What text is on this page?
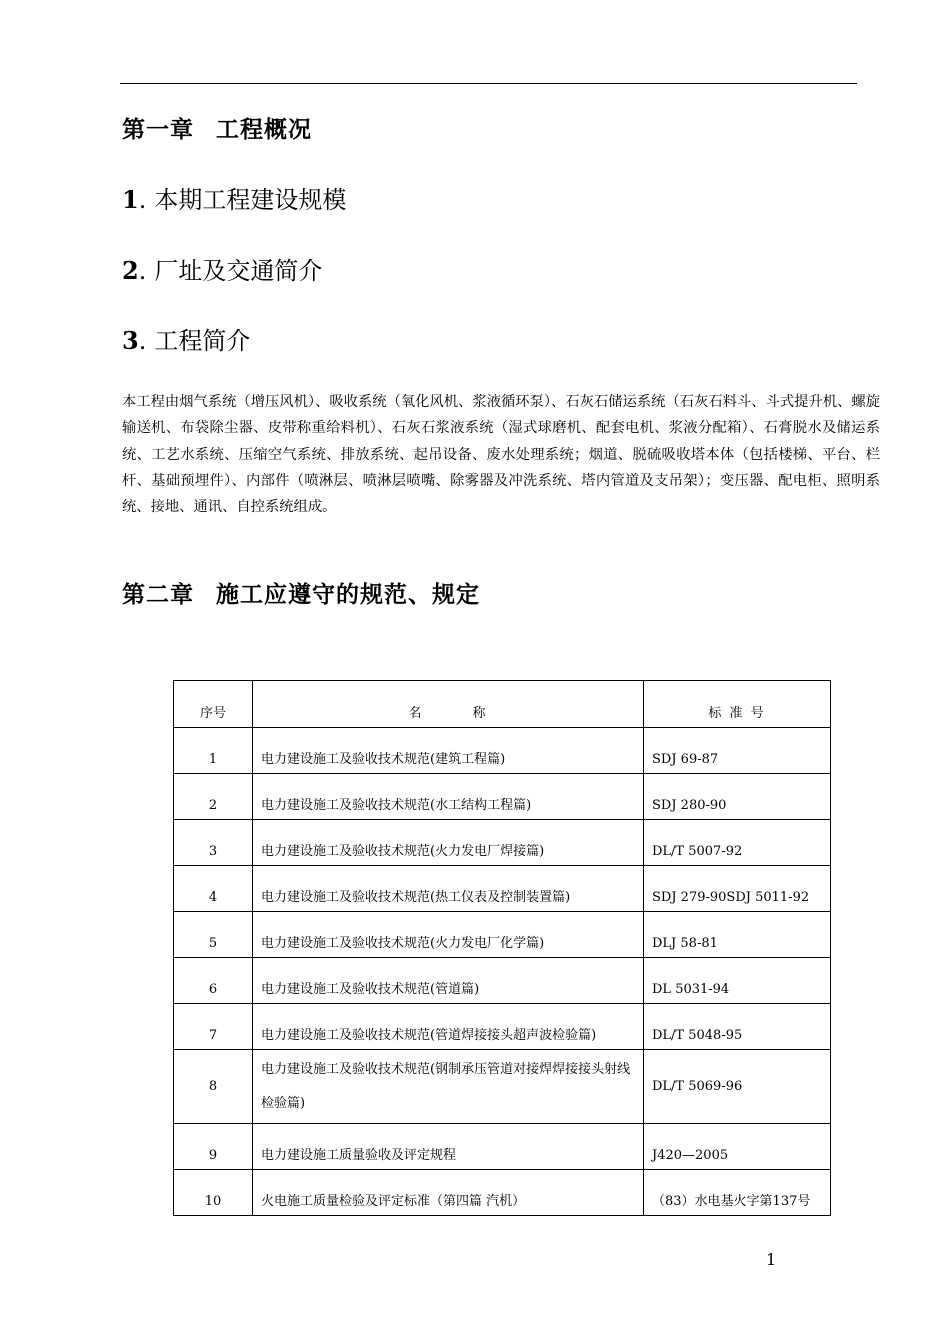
第一章 工程概况
1. 本期工程建设规模
2. 厂址及交通简介
3. 工程简介
本工程由烟气系统（增压风机）、吸收系统（氧化风机、浆液循环泵）、石灰石储运系统（石灰石料斗、斗式提升机、螺旋输送机、布袋除尘器、皮带称重给料机）、石灰石浆液系统（湿式球磨机、配套电机、浆液分配箱）、石膏脱水及储运系统、工艺水系统、压缩空气系统、排放系统、起吊设备、废水处理系统；烟道、脱硫吸收塔本体（包括楼梯、平台、栏杆、基础预埋件）、内部件（喷淋层、喷淋层喷嘴、除雾器及冲洗系统、塔内管道及支吊架）；变压器、配电柜、照明系统、接地、通讯、自控系统组成。
第二章 施工应遵守的规范、规定
序号	名        称	标 准 号
1	电力建设施工及验收技术规范(建筑工程篇)	SDJ 69-87
2	电力建设施工及验收技术规范(水工结构工程篇)	SDJ 280-90
3	电力建设施工及验收技术规范(火力发电厂焊接篇)	DL/T 5007-92
4	电力建设施工及验收技术规范(热工仪表及控制装置篇)	SDJ 279-90SDJ 5011-92
5	电力建设施工及验收技术规范(火力发电厂化学篇)	DLJ 58-81
6	电力建设施工及验收技术规范(管道篇)	DL 5031-94
7	电力建设施工及验收技术规范(管道焊接接头超声波检验篇)	DL/T 5048-95
8	电力建设施工及验收技术规范(钢制承压管道对接焊焊接接头射线检验篇)	DL/T 5069-96
9	电力建设施工质量验收及评定规程	J420—2005
10	火电施工质量检验及评定标准（第四篇 汽机）	（83）水电基火字第137号
1
